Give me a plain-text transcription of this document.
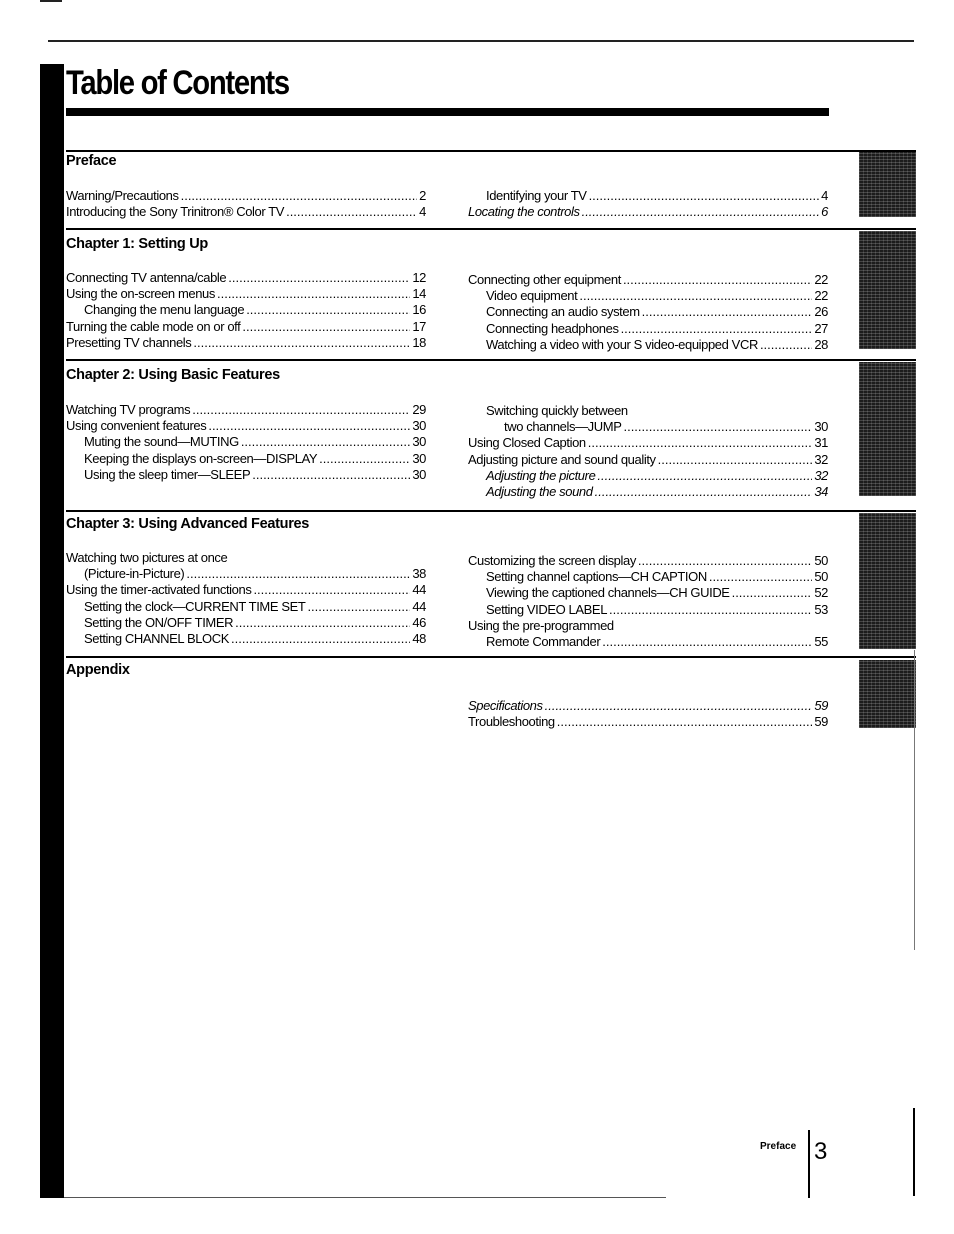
Table of Contents
Preface
Warning/Precautions .....	2
Introducing the Sony Trinitron® Color TV .....	4
Identifying your TV .....	4
Locating the controls .....	6
Chapter 1: Setting Up
Connecting TV antenna/cable .....	12
Using the on-screen menus .....	14
Changing the menu language .....	16
Turning the cable mode on or off .....	17
Presetting TV channels .....	18
Connecting other equipment .....	22
Video equipment .....	22
Connecting an audio system .....	26
Connecting headphones .....	27
Watching a video with your S video-equipped VCR .....	28
Chapter 2: Using Basic Features
Watching TV programs .....	29
Using convenient features .....	30
Muting the sound—MUTING .....	30
Keeping the displays on-screen—DISPLAY .....	30
Using the sleep timer—SLEEP .....	30
Switching quickly between
two channels—JUMP .....	30
Using Closed Caption .....	31
Adjusting picture and sound quality .....	32
Adjusting the picture .....	32
Adjusting the sound .....	34
Chapter 3: Using Advanced Features
Watching two pictures at once
(Picture-in-Picture) .....	38
Using the timer-activated functions .....	44
Setting the clock—CURRENT TIME SET .....	44
Setting the ON/OFF TIMER .....	46
Setting CHANNEL BLOCK .....	48
Customizing the screen display .....	50
Setting channel captions—CH CAPTION .....	50
Viewing the captioned channels—CH GUIDE .....	52
Setting VIDEO LABEL .....	53
Using the pre-programmed
Remote Commander .....	55
Appendix
Specifications .....	59
Troubleshooting .....	59
Preface 3
